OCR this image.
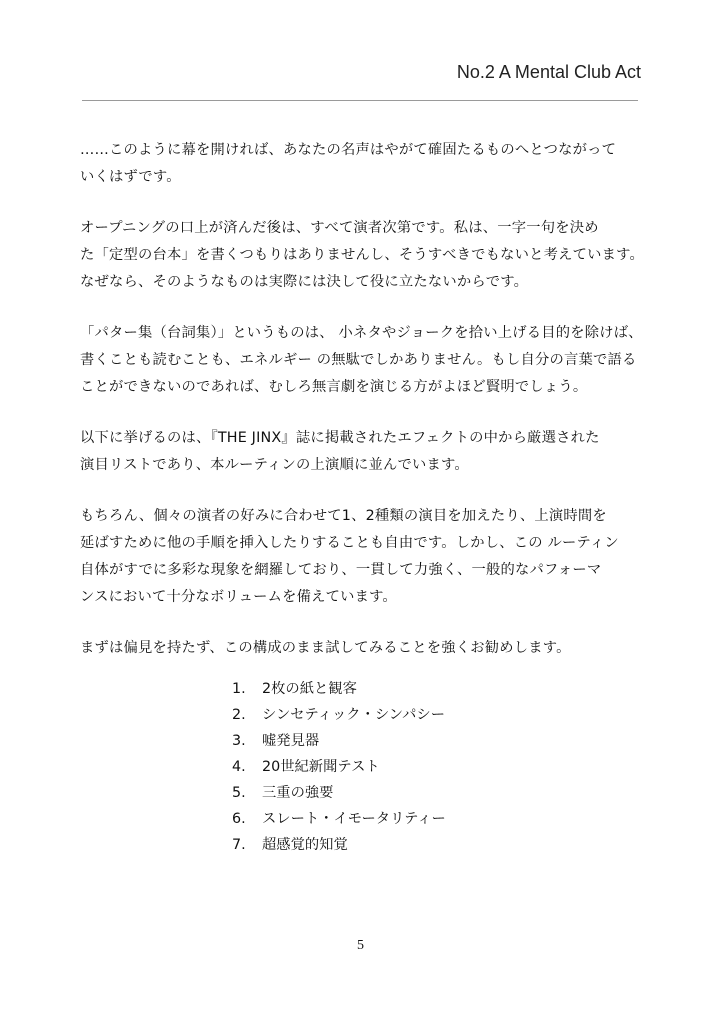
No.2 A Mental Club Act

……このように幕を開ければ、あなたの名声はやがて確固たるものへとつながって
いくはずです。

オープニングの口上が済んだ後は、すべて演者次第です。私は、一字一句を決め
た「定型の台本」を書くつもりはありませんし、そうすべきでもないと考えています。
なぜなら、そのようなものは実際には決して役に立たないからです。

「パター集（台詞集）」というものは、 小ネタやジョークを拾い上げる目的を除けば、
書くことも読むことも、エネルギー の無駄でしかありません。もし自分の言葉で語る
ことができないのであれば、むしろ無言劇を演じる方がよほど賢明でしょう。

以下に挙げるのは、『THE JINX』誌に掲載されたエフェクトの中から厳選された
演目リストであり、本ルーティンの上演順に並んでいます。

もちろん、個々の演者の好みに合わせて1、2種類の演目を加えたり、上演時間を
延ばすために他の手順を挿入したりすることも自由です。しかし、この ルーティン
自体がすでに多彩な現象を網羅しており、一貫して力強く、一般的なパフォーマ
ンスにおいて十分なボリュームを備えています。

まずは偏見を持たず、この構成のまま試してみることを強くお勧めします。

1.	2枚の紙と観客
2.	シンセティック・シンパシー
3.	嘘発見器
4.	20世紀新聞テスト
5.	三重の強要
6.	スレート・イモータリティー
7.	超感覚的知覚
5
